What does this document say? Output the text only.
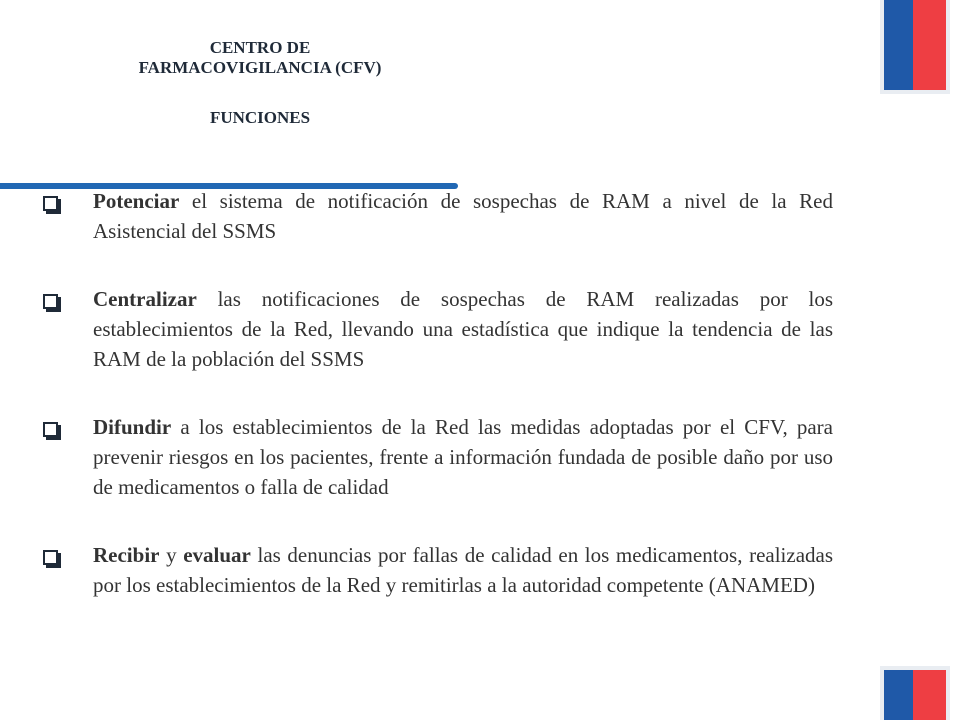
CENTRO DE
FARMACOVIGILANCIA (CFV)
FUNCIONES
Potenciar el sistema de notificación de sospechas de RAM a nivel de la Red Asistencial del SSMS
Centralizar las notificaciones de sospechas de RAM realizadas por los establecimientos de la Red, llevando una estadística que indique la tendencia de las RAM de la población del SSMS
Difundir a los establecimientos de la Red las medidas adoptadas por el CFV, para prevenir riesgos en los pacientes, frente a información fundada de posible daño por uso de medicamentos o falla de calidad
Recibir y evaluar las denuncias por fallas de calidad en los medicamentos, realizadas por los establecimientos de la Red y remitirlas a la autoridad competente (ANAMED)
